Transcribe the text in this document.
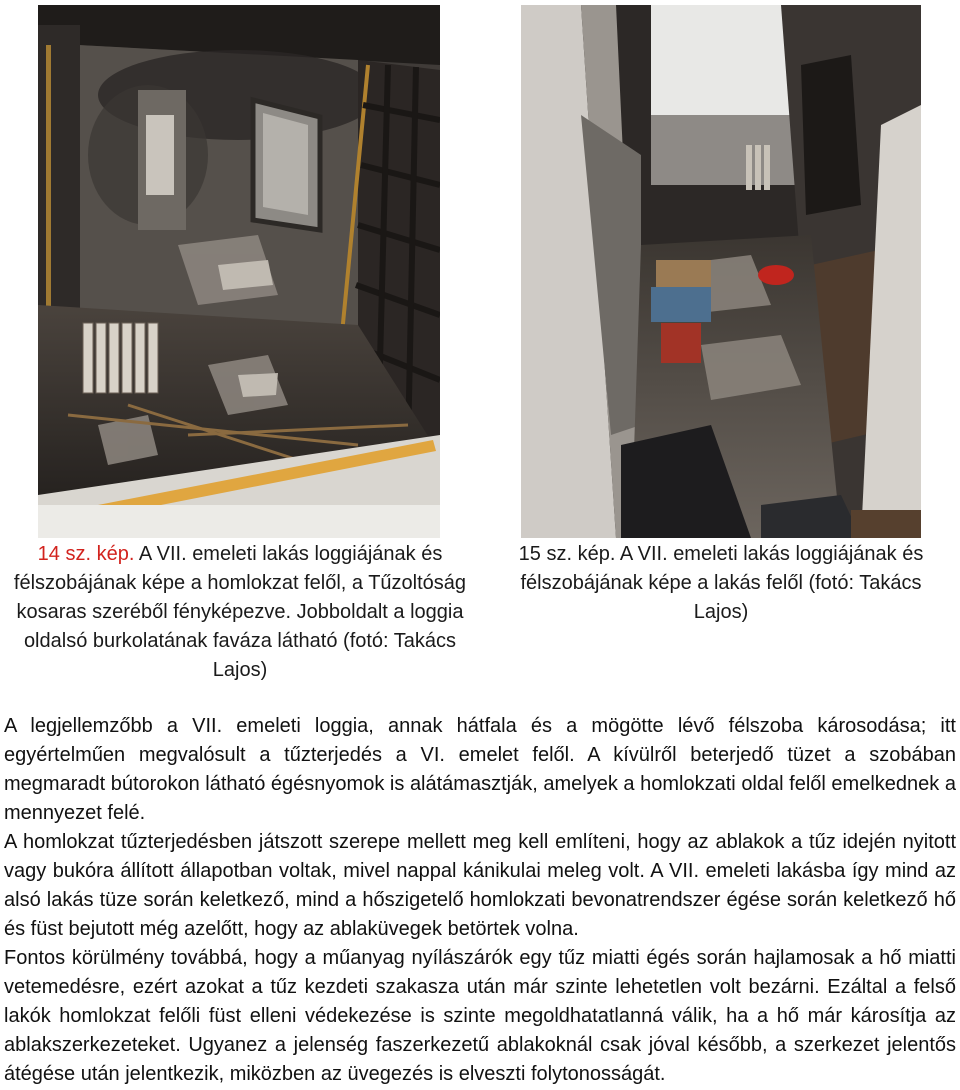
14 sz. kép. A VII. emeleti lakás loggiájának és félszobájának képe a homlokzat felől, a Tűzoltóság kosaras szeréből fényképezve. Jobboldalt a loggia oldalsó burkolatának faváza látható (fotó: Takács Lajos)
15 sz. kép. A VII. emeleti lakás loggiájának és félszobájának képe a lakás felől (fotó: Takács Lajos)

A legjellemzőbb a VII. emeleti loggia, annak hátfala és a mögötte lévő félszoba károsodása; itt egyértelműen megvalósult a tűzterjedés a VI. emelet felől. A kívülről beterjedő tüzet a szobában megmaradt bútorokon látható égésnyomok is alátámasztják, amelyek a homlokzati oldal felől emelkednek a mennyezet felé.

A homlokzat tűzterjedésben játszott szerepe mellett meg kell említeni, hogy az ablakok a tűz idején nyitott vagy bukóra állított állapotban voltak, mivel nappal kánikulai meleg volt. A VII. emeleti lakásba így mind az alsó lakás tüze során keletkező, mind a hőszigetelő homlokzati bevonatrendszer égése során keletkező hő és füst bejutott még azelőtt, hogy az ablaküvegek betörtek volna.

Fontos körülmény továbbá, hogy a műanyag nyílászárók egy tűz miatti égés során hajlamosak a hő miatti vetemedésre, ezért azokat a tűz kezdeti szakasza után már szinte lehetetlen volt bezárni. Ezáltal a felső lakók homlokzat felőli füst elleni védekezése is szinte megoldhatatlanná válik, ha a hő már károsítja az ablakszerkezeteket. Ugyanez a jelenség faszerkezetű ablakoknál csak jóval később, a szerkezet jelentős átégése után jelentkezik, miközben az üvegezés is elveszti folytonosságát.
